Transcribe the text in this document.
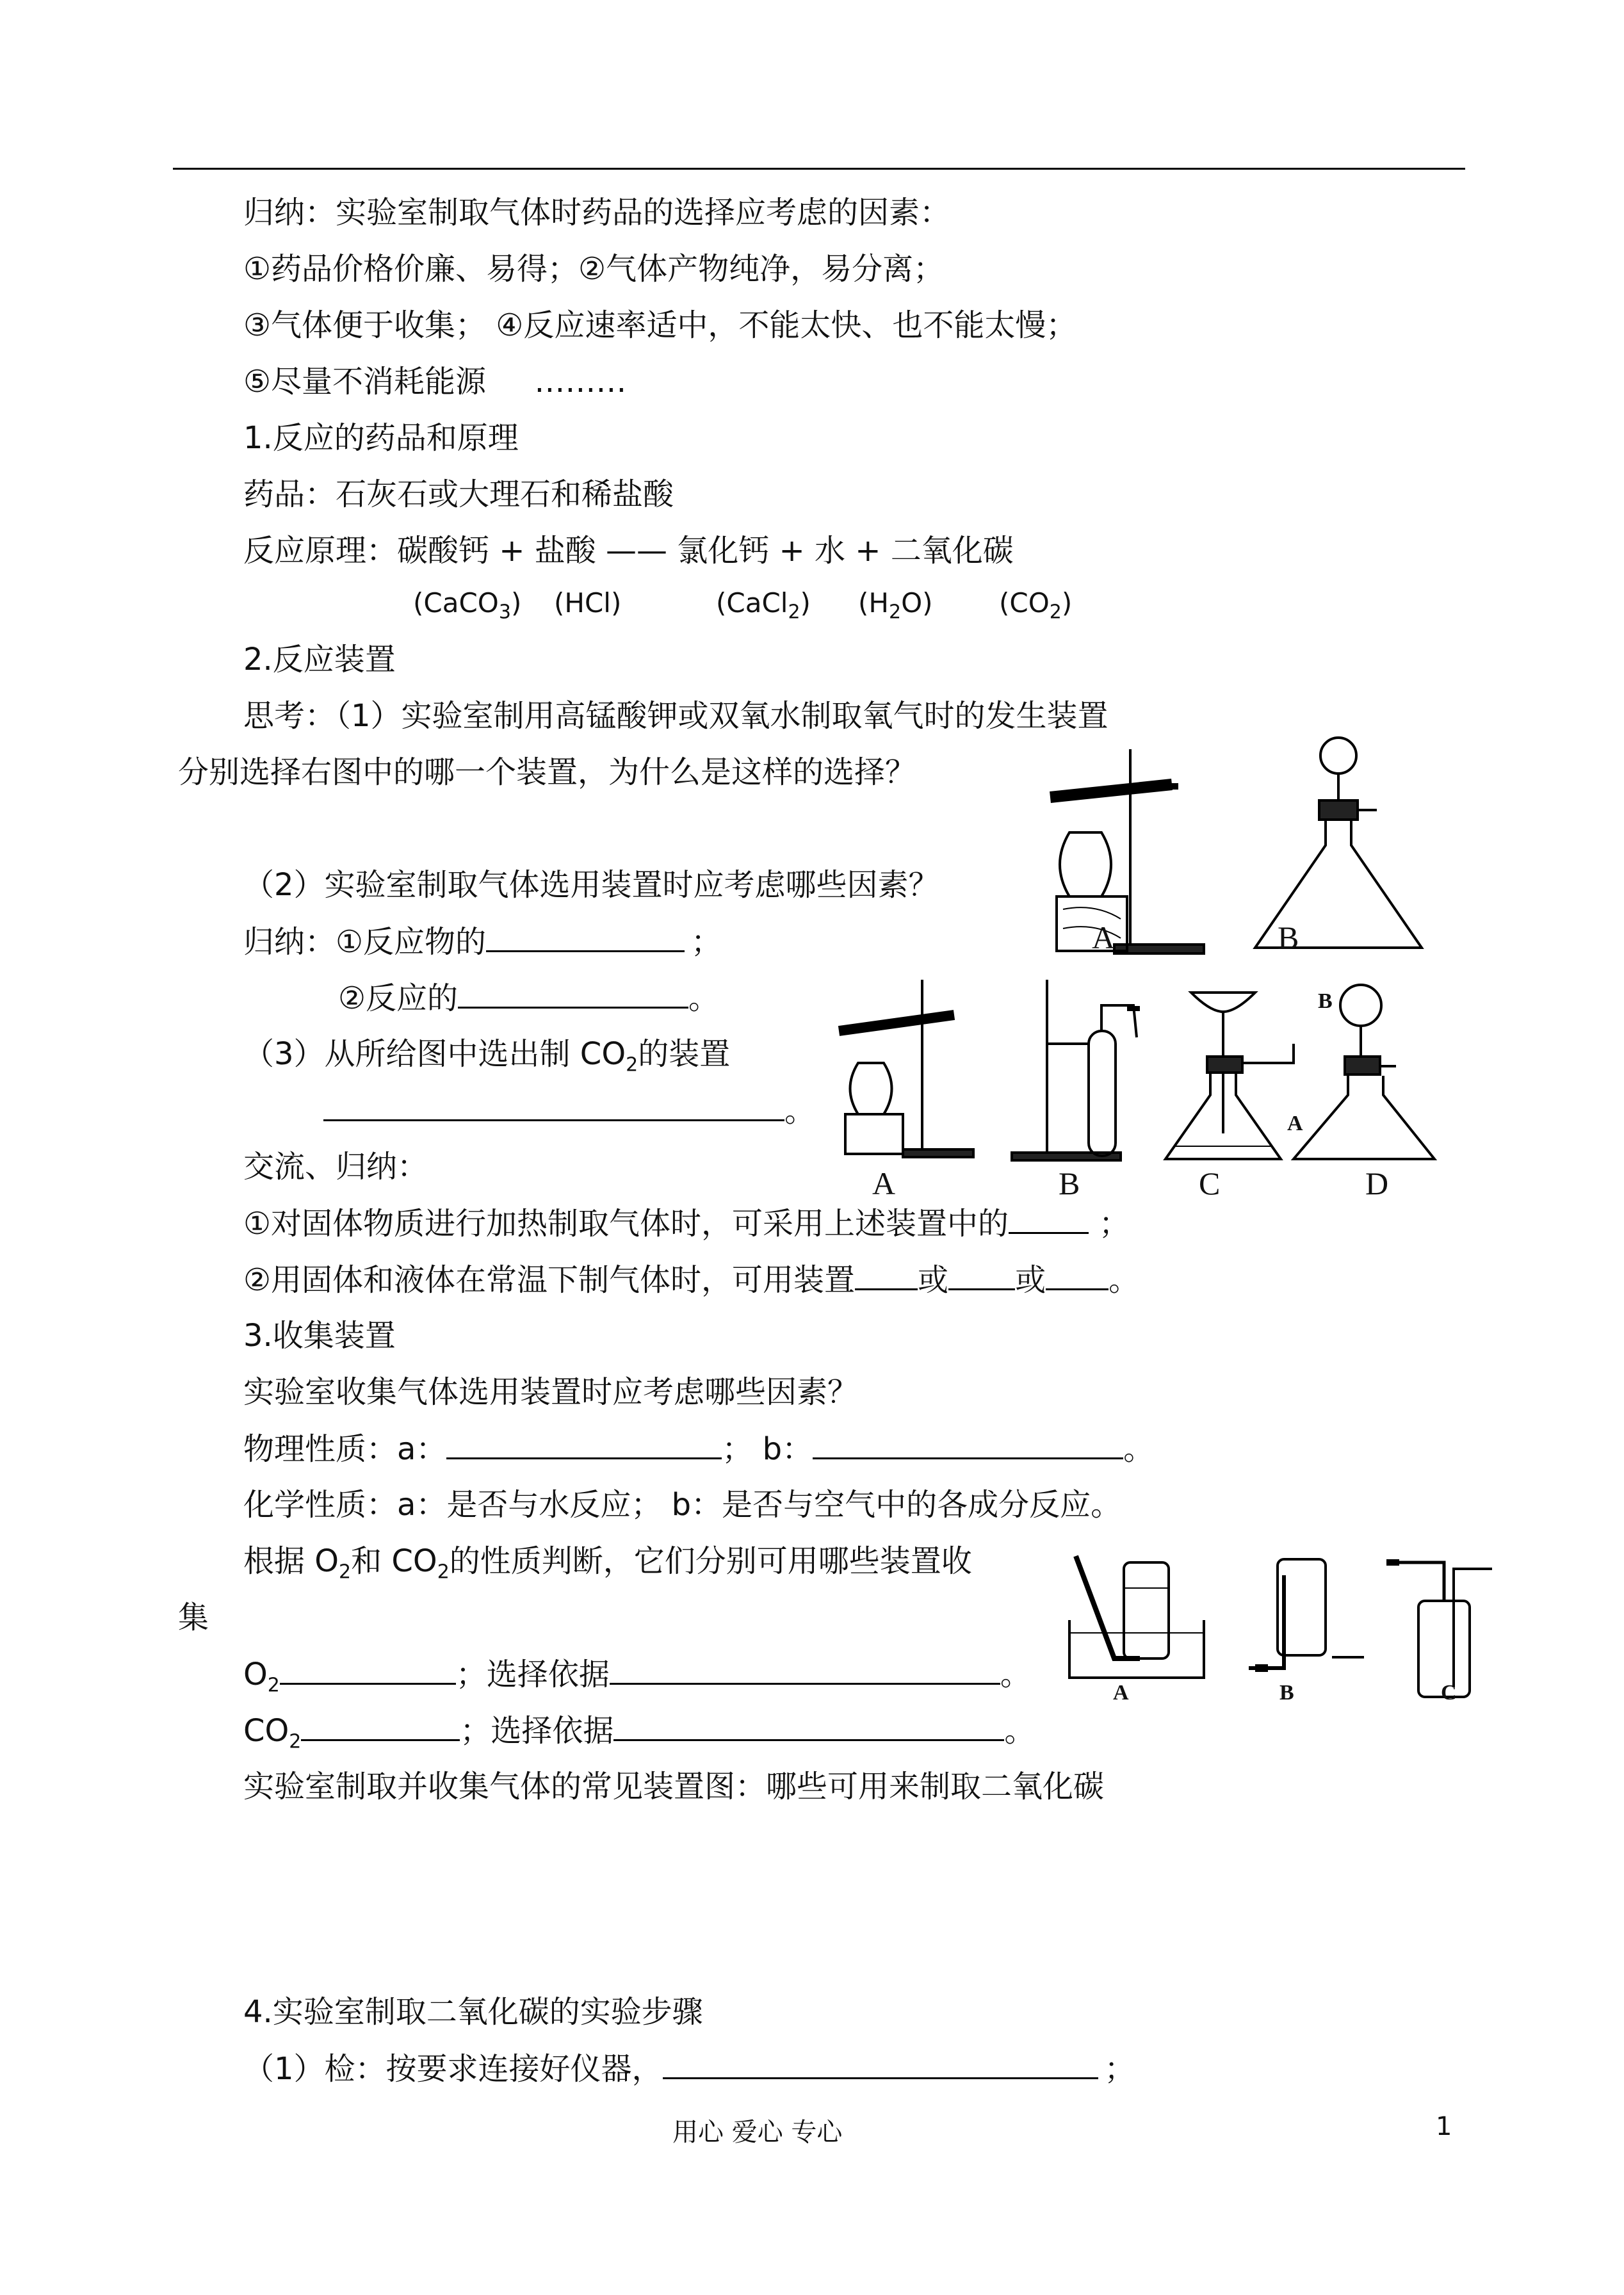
归纳：实验室制取气体时药品的选择应考虑的因素：
①药品价格价廉、易得；②气体产物纯净，易分离；
③气体便于收集； ④反应速率适中，不能太快、也不能太慢；
⑤尽量不消耗能源 ………
1.反应的药品和原理
药品：石灰石或大理石和稀盐酸
反应原理：碳酸钙 + 盐酸 —— 氯化钙 + 水 + 二氧化碳
(CaCO$_3$) (HCl)	(CaCl$_2$) $(H_2O)$ $(CO_2)$
2.反应装置
思考：（1）实验室制用高锰酸钾或双氧水制取氧气时的发生装置
分别选择右图中的哪一个装置，为什么是这样的选择？
（2）实验室制取气体选用装置时应考虑哪些因素？
归纳：①反应物的	；
②反应的	。
（3）从所给图中选出制 $CO_2$的装置
。
交流、归纳：
①对固体物质进行加热制取气体时，可采用上述装置中的	；
②用固体和液体在常温下制气体时，可用装置 或 或 。
3.收集装置
实验室收集气体选用装置时应考虑哪些因素？
物理性质：a：	； b：	。
化学性质：a：是否与水反应； b：是否与空气中的各成分反应。
根据 $O_2$和 $CO_2$的性质判断，它们分别可用哪些装置收
集
$O_2$	；选择依据	。
$CO_2$	；选择依据	。
实验室制取并收集气体的常见装置图：哪些可用来制取二氧化碳
4.实验室制取二氧化碳的实验步骤
（1）检：按要求连接好仪器，	；
A	B
B
A
A	B	C	D
A	B	C
用心 爱心 专心	1
